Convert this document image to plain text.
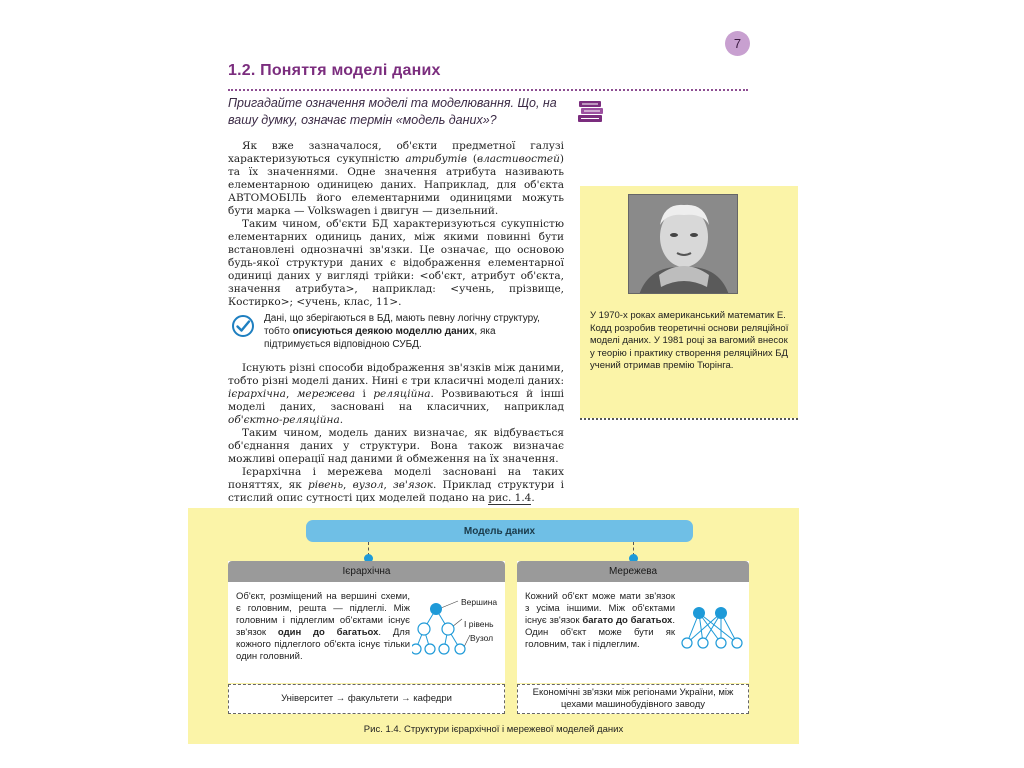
7
1.2. Поняття моделі даних
Пригадайте означення моделі та моделювання. Що, на вашу думку, означає термін «модель даних»?

Як вже зазначалося, об'єкти предметної галузі характеризуються сукупністю атрибутів (властивостей) та їх значеннями. Одне значення атрибута називають елементарною одиницею даних. Наприклад, для об'єкта АВТОМОБІЛЬ його елементарними одиницями можуть бути марка — Volkswagen і двигун — дизельний.

Таким чином, об'єкти БД характеризуються сукупністю елементарних одиниць даних, між якими повинні бути встановлені однозначні зв'язки. Це означає, що основою будь-якої структури даних є відображення елементарної одиниці даних у вигляді трійки: <об'єкт, атрибут об'єкта, значення атрибута>, наприклад: <учень, прізвище, Костирко>; <учень, клас, 11>.

Дані, що зберігаються в БД, мають певну логічну структуру, тобто описуються деякою моделлю даних, яка підтримується відповідною СУБД.

Існують різні способи відображення зв'язків між даними, тобто різні моделі даних. Нині є три класичні моделі даних: ієрархічна, мережева і реляційна. Розвиваються й інші моделі даних, засновані на класичних, наприклад об'єктно-реляційна.

Таким чином, модель даних визначає, як відбувається об'єднання даних у структури. Вона також визначає можливі операції над даними й обмеження на їх значення.

Ієрархічна і мережева моделі засновані на таких поняттях, як рівень, вузол, зв'язок. Приклад структури і стислий опис сутності цих моделей подано на рис. 1.4.

У 1970-х роках американський математик Е. Кодд розробив теоретичні основи реляційної моделі даних. У 1981 році за вагомий внесок у теорію і практику створення реляційних БД учений отримав премію Тюрінга.
Модель даних
Ієрархічна
Об'єкт, розміщений на вершині схеми, є головним, решта — підлеглі. Між головним і підлеглим об'єктами існує зв'язок один до багатьох. Для кожного підлеглого об'єкта існує тільки один головний.
Вершина
І рівень
Вузол
Університет → факультети → кафедри
Мережева
Кожний об'єкт може мати зв'язок з усіма іншими. Між об'єктами існує зв'язок багато до багатьох. Один об'єкт може бути як головним, так і підлеглим.
Економічні зв'язки між регіонами України, між цехами машинобудівного заводу
Рис. 1.4. Структури ієрархічної і мережевої моделей даних
